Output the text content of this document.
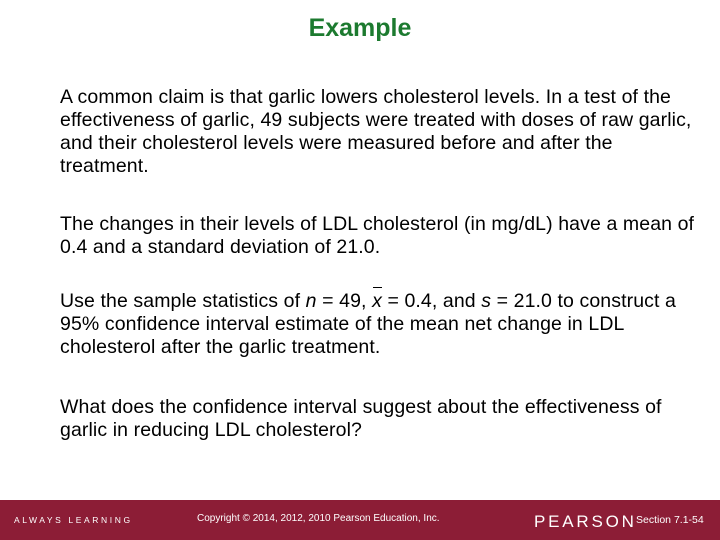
Example
A common claim is that garlic lowers cholesterol levels. In a test of the effectiveness of garlic, 49 subjects were treated with doses of raw garlic, and their cholesterol levels were measured before and after the treatment.
The changes in their levels of LDL cholesterol (in mg/dL) have a mean of 0.4 and a standard deviation of 21.0.
Use the sample statistics of n = 49, x = 0.4, and s = 21.0 to construct a 95% confidence interval estimate of the mean net change in LDL cholesterol after the garlic treatment.
What does the confidence interval suggest about the effectiveness of garlic in reducing LDL cholesterol?
ALWAYS LEARNING	Copyright © 2014, 2012, 2010 Pearson Education, Inc.	PEARSON Section 7.1-54
